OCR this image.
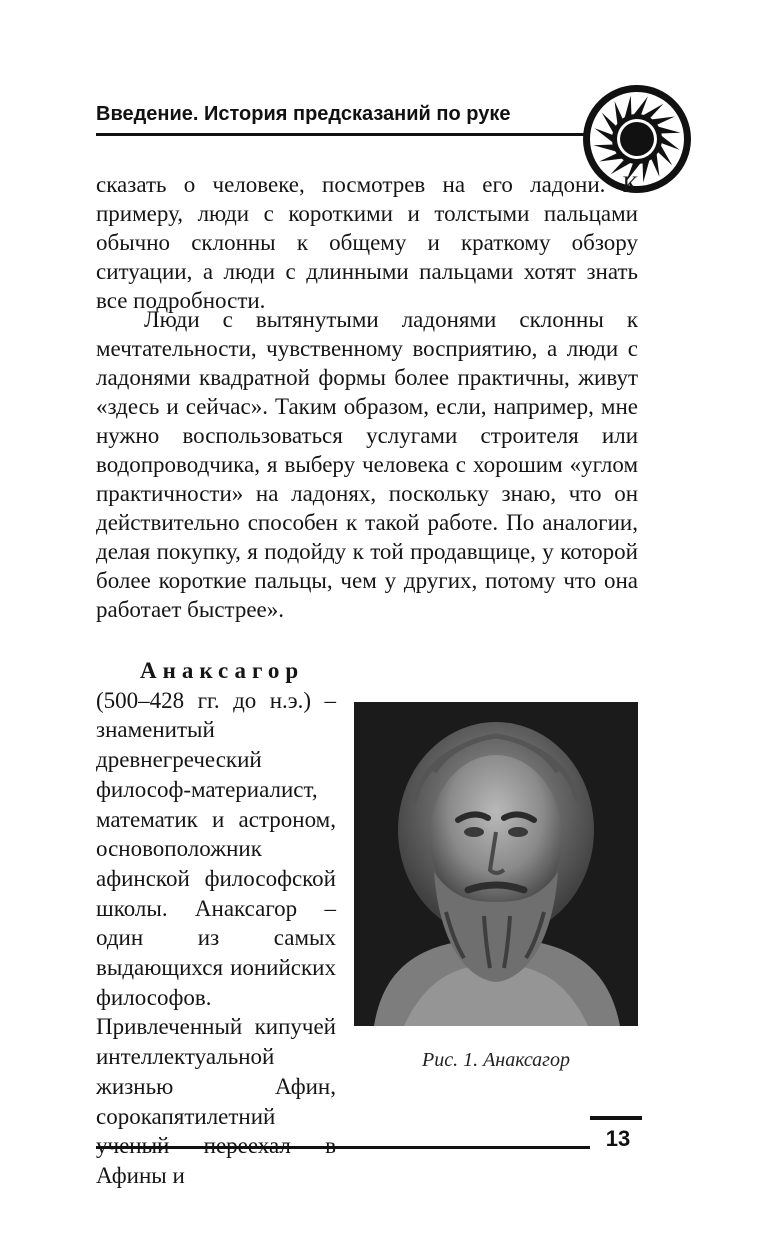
Введение. История предсказаний по руке

сказать о человеке, посмотрев на его ладони. К примеру, люди с короткими и толстыми пальцами обычно склонны к общему и краткому обзору ситуации, а люди с длинными пальцами хотят знать все подробности.

Люди с вытянутыми ладонями склонны к мечтательности, чувственному восприятию, а люди с ладонями квадратной формы более практичны, живут «здесь и сейчас». Таким образом, если, например, мне нужно воспользоваться услугами строителя или водопроводчика, я выберу человека с хорошим «углом практичности» на ладонях, поскольку знаю, что он действительно способен к такой работе. По аналогии, делая покупку, я подойду к той продавщице, у которой более короткие пальцы, чем у других, потому что она работает быстрее».

Анаксагор
(500–428 гг. до н.э.) – знаменитый древнегреческий философ-материалист, математик и астроном, основоположник афинской философской школы. Анаксагор – один из самых выдающихся ионийских философов. Привлеченный кипучей интеллектуальной жизнью Афин, сорокапятилетний Афины и
Рис. 1. Анаксагор
13
